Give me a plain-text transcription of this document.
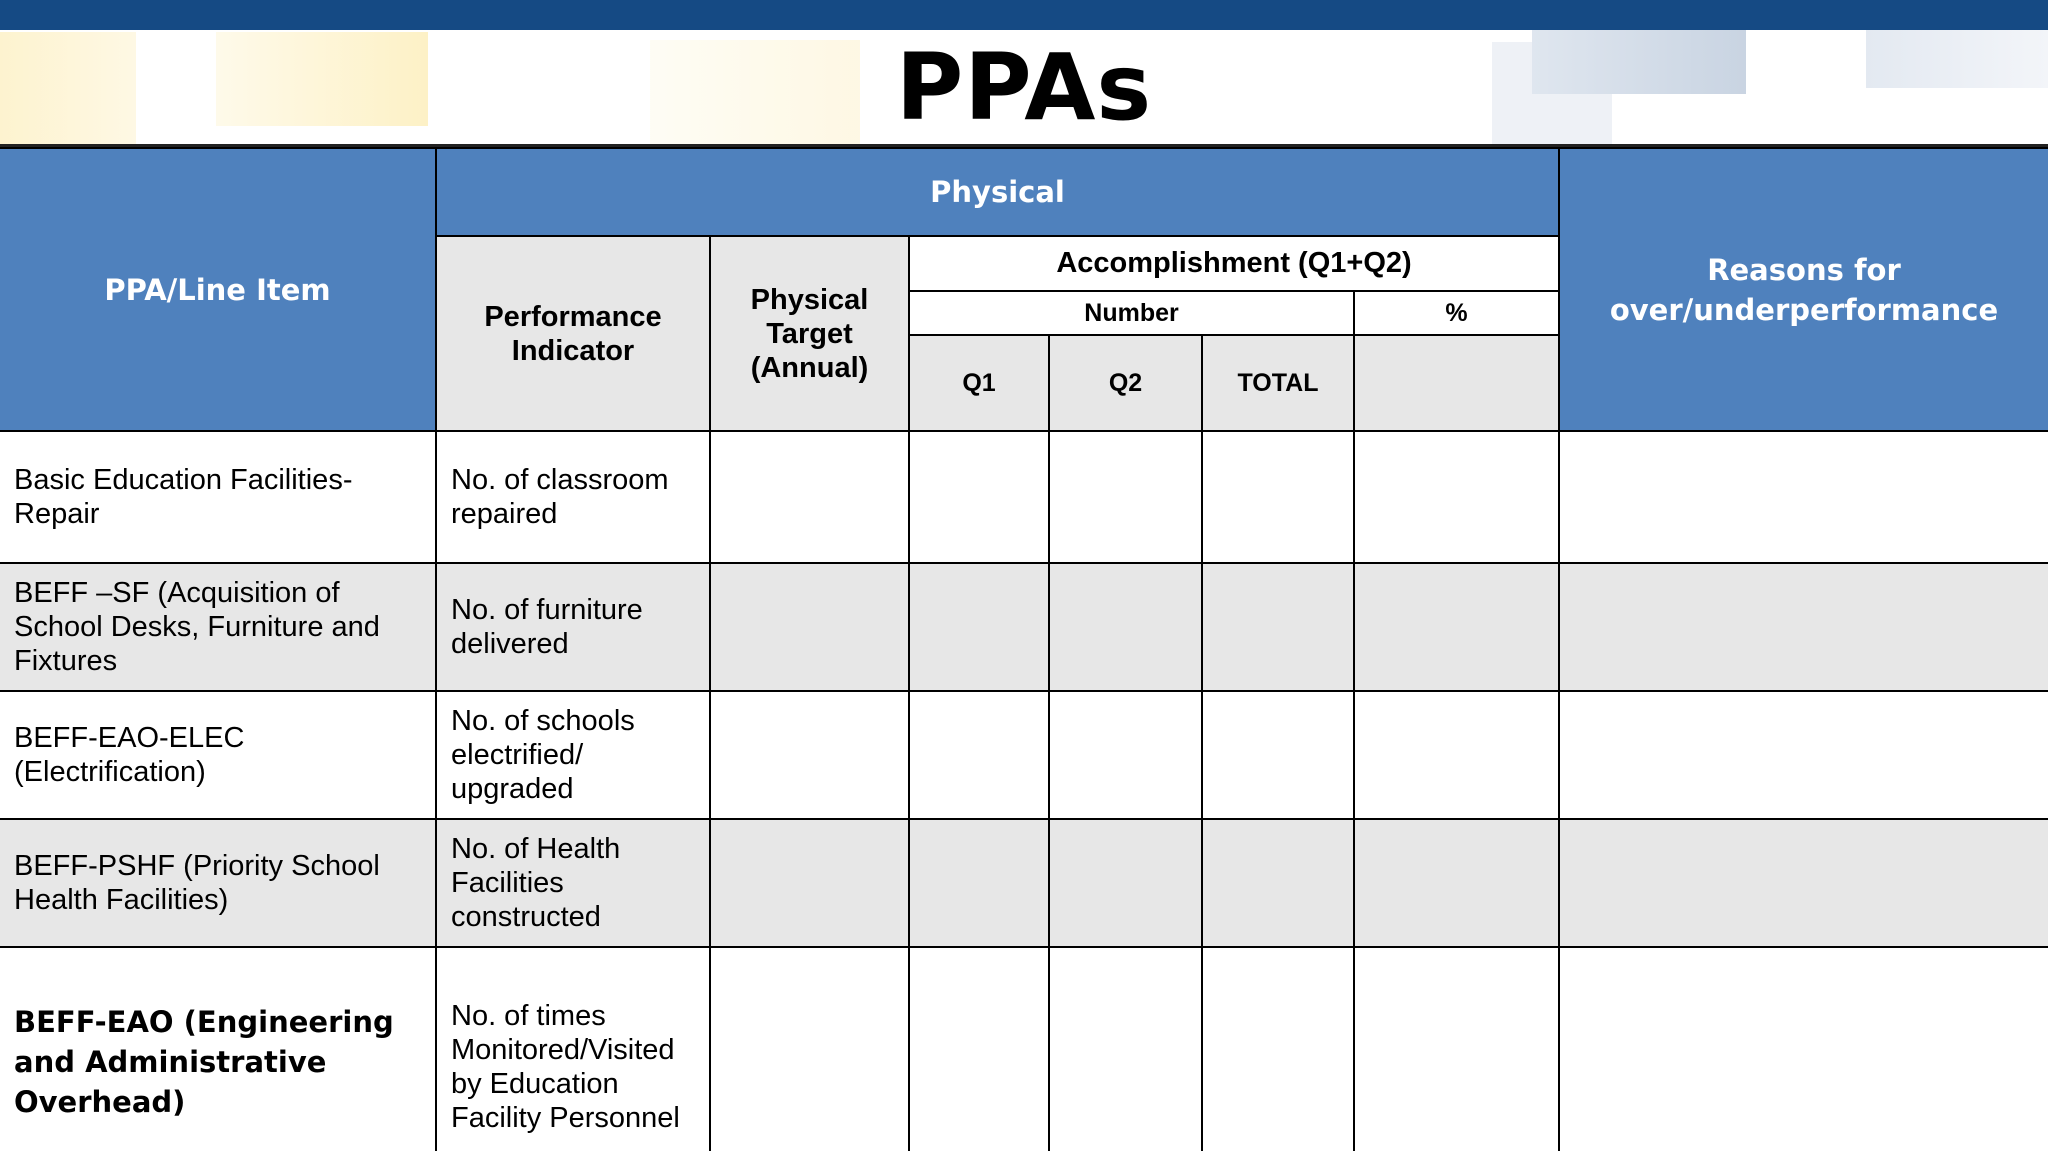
PPAs
PPA/Line Item	Physical						Reasons for over/underperformance
	Performance Indicator	Physical Target (Annual)	Accomplishment (Q1+Q2)				
			Number			%	
			Q1	Q2	TOTAL		
Basic Education Facilities- Repair	No. of classroom repaired						
BEFF –SF (Acquisition of School Desks, Furniture and Fixtures	No. of furniture delivered						
BEFF-EAO-ELEC (Electrification)	No. of schools electrified/ upgraded						
BEFF-PSHF (Priority School Health Facilities)	No. of Health Facilities constructed						
BEFF-EAO (Engineering and Administrative Overhead)	No. of times Monitored/Visited by Education Facility Personnel						
